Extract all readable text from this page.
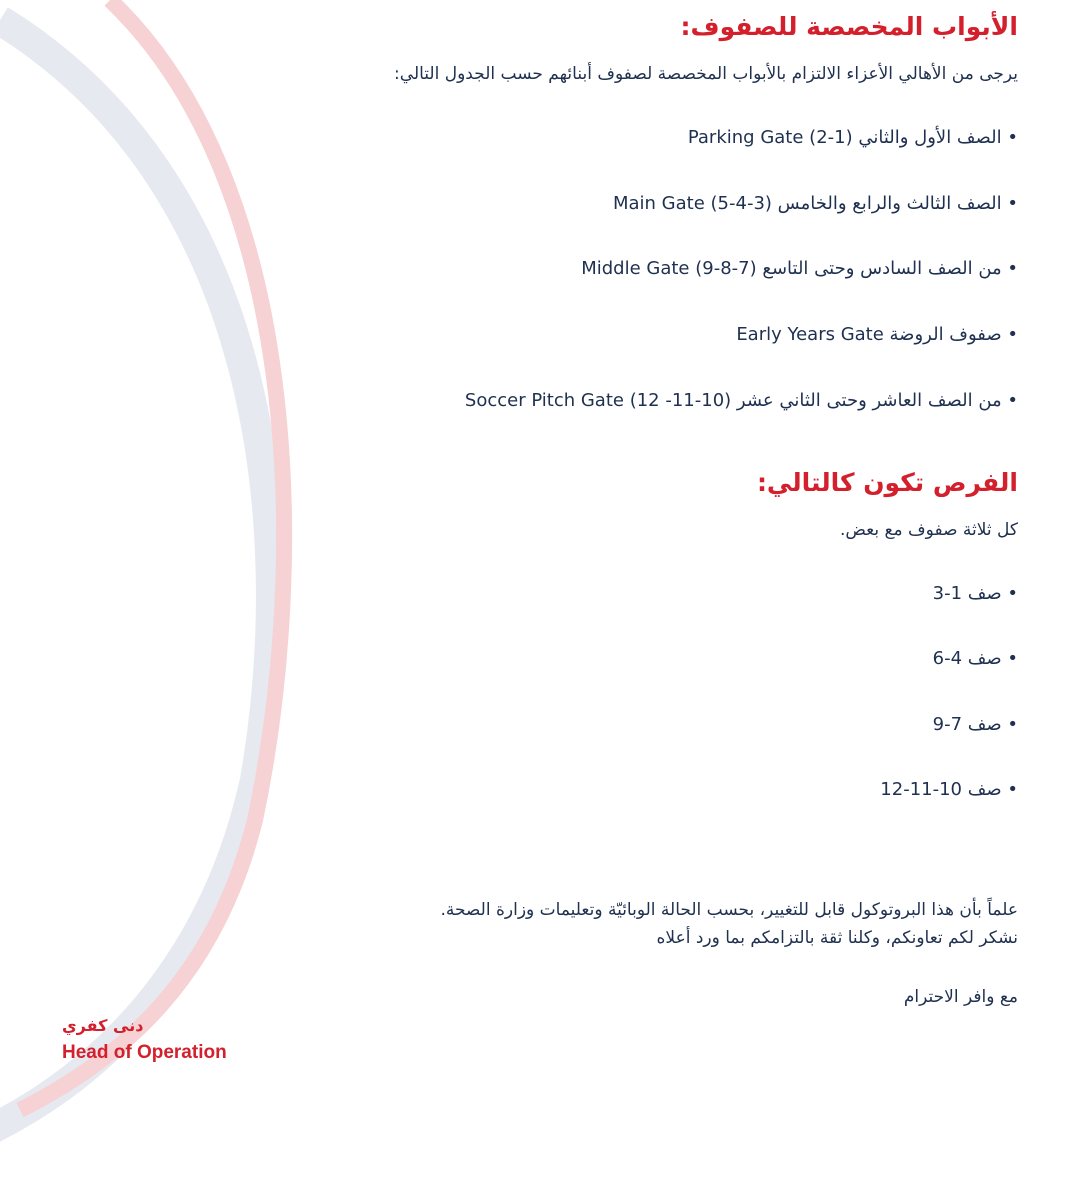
الأبواب المخصصة للصفوف:
يرجى من الأهالي الأعزاء الالتزام بالأبواب المخصصة لصفوف أبنائهم حسب الجدول التالي:
• الصف الأول والثاني (1-2) Parking Gate
• الصف الثالث والرابع والخامس (3-4-5) Main Gate
• من الصف السادس وحتى التاسع (7-8-9) Middle Gate
• صفوف الروضة Early Years Gate
• من الصف العاشر وحتى الثاني عشر (10-11- 12) Soccer Pitch Gate
الفرص تكون كالتالي:
كل ثلاثة صفوف مع بعض.
• صف 1-3
• صف 4-6
• صف 7-9
• صف 10-11-12
علماً بأن هذا البروتوكول قابل للتغيير، بحسب الحالة الوبائيّة وتعليمات وزارة الصحة.
نشكر لكم تعاونكم، وكلنا ثقة بالتزامكم بما ورد أعلاه
مع وافر الاحترام
دنى كفري
Head of Operation
